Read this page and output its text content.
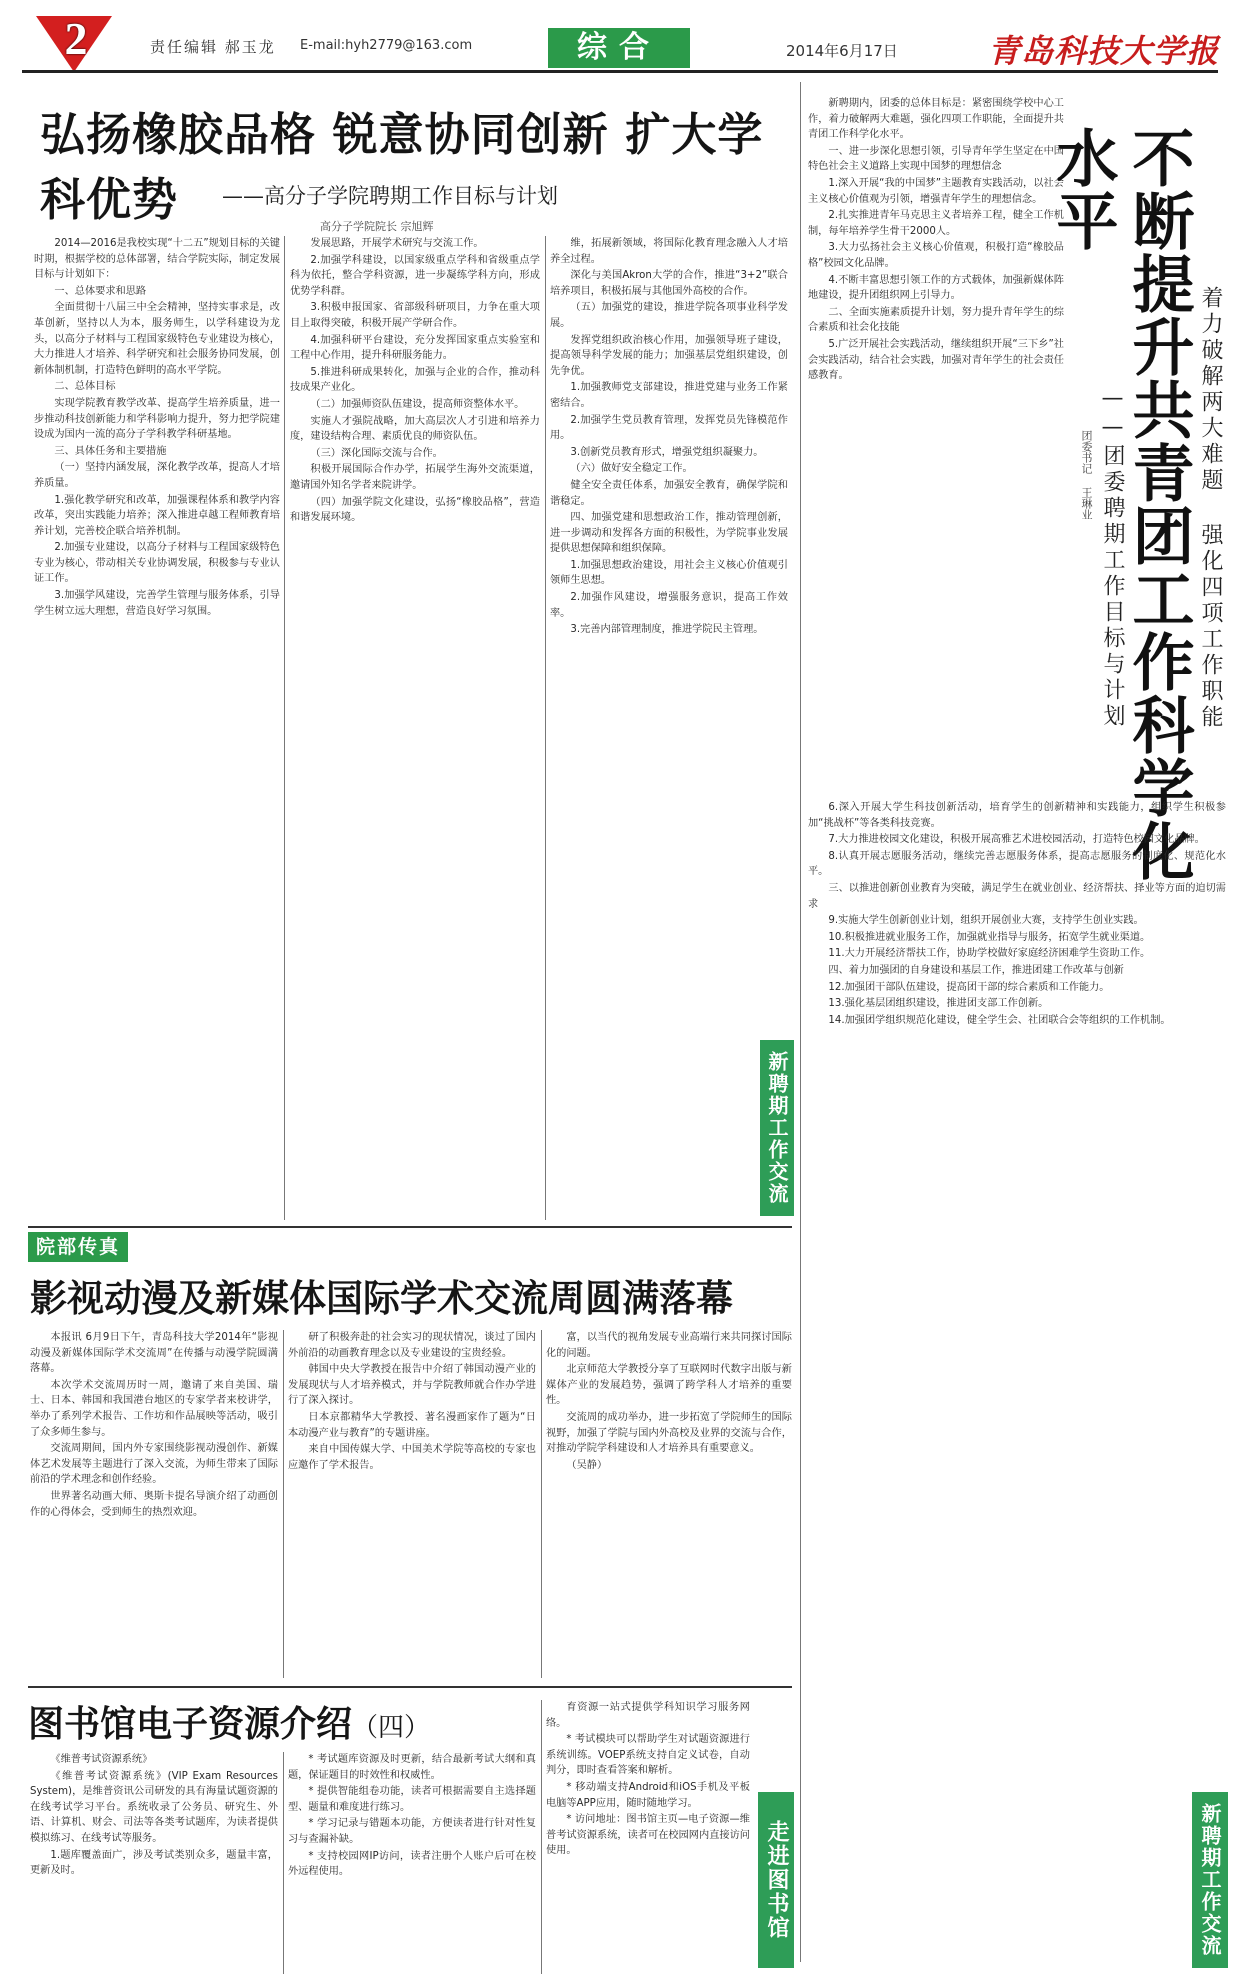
2	责任编辑 郝玉龙 E-mail:hyh2779@163.com	综合	2014年6月17日	青岛科技大学报
弘扬橡胶品格 锐意协同创新 扩大学科优势	——高分子学院聘期工作目标与计划
高分子学院院长 宗旭辉

2014—2016是我校实现“十二五”规划目标的关键时期，根据学校的总体部署，结合学院实际，制定发展目标与计划如下：

一、总体要求和思路

全面贯彻十八届三中全会精神，坚持实事求是，改革创新，坚持以人为本，服务师生，以学科建设为龙头，以高分子材料与工程国家级特色专业建设为核心，大力推进人才培养、科学研究和社会服务协同发展，创新体制机制，打造特色鲜明的高水平学院。

二、总体目标

实现学院教育教学改革、提高学生培养质量，进一步推动科技创新能力和学科影响力提升，努力把学院建设成为国内一流的高分子学科教学科研基地。

三、具体任务和主要措施

（一）坚持内涵发展，深化教学改革，提高人才培养质量。

1.强化教学研究和改革，加强课程体系和教学内容改革，突出实践能力培养；深入推进卓越工程师教育培养计划，完善校企联合培养机制。

2.加强专业建设，以高分子材料与工程国家级特色专业为核心，带动相关专业协调发展，积极参与专业认证工作。

3.加强学风建设，完善学生管理与服务体系，引导学生树立远大理想，营造良好学习氛围。

发展思路，开展学术研究与交流工作。

2.加强学科建设，以国家级重点学科和省级重点学科为依托，整合学科资源，进一步凝练学科方向，形成优势学科群。

3.积极申报国家、省部级科研项目，力争在重大项目上取得突破，积极开展产学研合作。

4.加强科研平台建设，充分发挥国家重点实验室和工程中心作用，提升科研服务能力。

5.推进科研成果转化，加强与企业的合作，推动科技成果产业化。

（二）加强师资队伍建设，提高师资整体水平。

实施人才强院战略，加大高层次人才引进和培养力度，建设结构合理、素质优良的师资队伍。

（三）深化国际交流与合作。

积极开展国际合作办学，拓展学生海外交流渠道，邀请国外知名学者来院讲学。

（四）加强学院文化建设，弘扬“橡胶品格”，营造和谐发展环境。

维，拓展新领域，将国际化教育理念融入人才培养全过程。

深化与美国Akron大学的合作，推进“3+2”联合培养项目，积极拓展与其他国外高校的合作。

（五）加强党的建设，推进学院各项事业科学发展。

发挥党组织政治核心作用，加强领导班子建设，提高领导科学发展的能力；加强基层党组织建设，创先争优。

1.加强教师党支部建设，推进党建与业务工作紧密结合。

2.加强学生党员教育管理，发挥党员先锋模范作用。

3.创新党员教育形式，增强党组织凝聚力。

（六）做好安全稳定工作。

健全安全责任体系，加强安全教育，确保学院和谐稳定。

四、加强党建和思想政治工作，推动管理创新，进一步调动和发挥各方面的积极性，为学院事业发展提供思想保障和组织保障。

1.加强思想政治建设，用社会主义核心价值观引领师生思想。

2.加强作风建设，增强服务意识，提高工作效率。

3.完善内部管理制度，推进学院民主管理。

新聘期工作交流

新聘期内，团委的总体目标是：紧密围绕学校中心工作，着力破解两大难题，强化四项工作职能，全面提升共青团工作科学化水平。

一、进一步深化思想引领，引导青年学生坚定在中国特色社会主义道路上实现中国梦的理想信念

1.深入开展“我的中国梦”主题教育实践活动，以社会主义核心价值观为引领，增强青年学生的理想信念。

2.扎实推进青年马克思主义者培养工程，健全工作机制，每年培养学生骨干2000人。

3.大力弘扬社会主义核心价值观，积极打造“橡胶品格”校园文化品牌。

4.不断丰富思想引领工作的方式载体，加强新媒体阵地建设，提升团组织网上引导力。

二、全面实施素质提升计划，努力提升青年学生的综合素质和社会化技能

5.广泛开展社会实践活动，继续组织开展“三下乡”社会实践活动，结合社会实践，加强对青年学生的社会责任感教育。	不断提升共青团工作科学化水平
着力破解两大难题 强化四项工作职能
——团委聘期工作目标与计划
团委书记 王琳业

6.深入开展大学生科技创新活动，培育学生的创新精神和实践能力，组织学生积极参加“挑战杯”等各类科技竞赛。

7.大力推进校园文化建设，积极开展高雅艺术进校园活动，打造特色校园文化品牌。

8.认真开展志愿服务活动，继续完善志愿服务体系，提高志愿服务的制度化、规范化水平。

三、以推进创新创业教育为突破，满足学生在就业创业、经济帮扶、择业等方面的迫切需求

9.实施大学生创新创业计划，组织开展创业大赛，支持学生创业实践。

10.积极推进就业服务工作，加强就业指导与服务，拓宽学生就业渠道。

11.大力开展经济帮扶工作，协助学校做好家庭经济困难学生资助工作。

四、着力加强团的自身建设和基层工作，推进团建工作改革与创新

12.加强团干部队伍建设，提高团干部的综合素质和工作能力。

13.强化基层团组织建设，推进团支部工作创新。

14.加强团学组织规范化建设，健全学生会、社团联合会等组织的工作机制。

新聘期工作交流
院部传真
影视动漫及新媒体国际学术交流周圆满落幕

本报讯 6月9日下午，青岛科技大学2014年“影视动漫及新媒体国际学术交流周”在传播与动漫学院圆满落幕。

本次学术交流周历时一周，邀请了来自美国、瑞士、日本、韩国和我国港台地区的专家学者来校讲学，举办了系列学术报告、工作坊和作品展映等活动，吸引了众多师生参与。

交流周期间，国内外专家围绕影视动漫创作、新媒体艺术发展等主题进行了深入交流，为师生带来了国际前沿的学术理念和创作经验。

世界著名动画大师、奥斯卡提名导演介绍了动画创作的心得体会，受到师生的热烈欢迎。

研了积极奔赴的社会实习的现状情况，谈过了国内外前沿的动画教育理念以及专业建设的宝贵经验。

韩国中央大学教授在报告中介绍了韩国动漫产业的发展现状与人才培养模式，并与学院教师就合作办学进行了深入探讨。

日本京都精华大学教授、著名漫画家作了题为“日本动漫产业与教育”的专题讲座。

来自中国传媒大学、中国美术学院等高校的专家也应邀作了学术报告。

富，以当代的视角发展专业高端行来共同探讨国际化的问题。

北京师范大学教授分享了互联网时代数字出版与新媒体产业的发展趋势，强调了跨学科人才培养的重要性。

交流周的成功举办，进一步拓宽了学院师生的国际视野，加强了学院与国内外高校及业界的交流与合作，对推动学院学科建设和人才培养具有重要意义。

（吴静）

图书馆电子资源介绍（四）

《维普考试资源系统》

《维普考试资源系统》(VIP Exam Resources System)，是维普资讯公司研发的具有海量试题资源的在线考试学习平台。系统收录了公务员、研究生、外语、计算机、财会、司法等各类考试题库，为读者提供模拟练习、在线考试等服务。

1.题库覆盖面广，涉及考试类别众多，题量丰富，更新及时。

* 考试题库资源及时更新，结合最新考试大纲和真题，保证题目的时效性和权威性。

* 提供智能组卷功能，读者可根据需要自主选择题型、题量和难度进行练习。

* 学习记录与错题本功能，方便读者进行针对性复习与查漏补缺。

* 支持校园网IP访问，读者注册个人账户后可在校外远程使用。

育资源一站式提供学科知识学习服务网络。

* 考试模块可以帮助学生对试题资源进行系统训练。VOEP系统支持自定义试卷，自动判分，即时查看答案和解析。

* 移动端支持Android和iOS手机及平板电脑等APP应用，随时随地学习。

* 访问地址：图书馆主页—电子资源—维普考试资源系统，读者可在校园网内直接访问使用。	走进图书馆
